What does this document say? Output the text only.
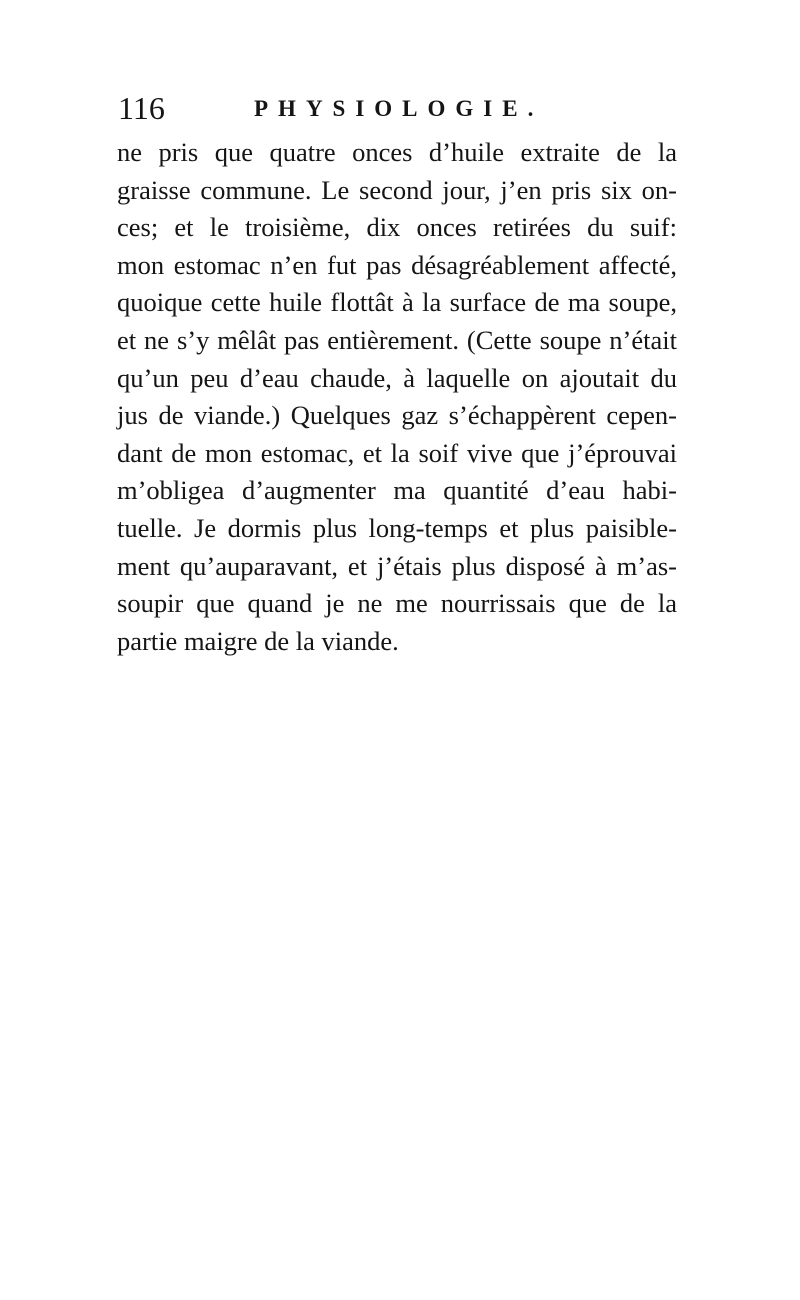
116	PHYSIOLOGIE.
ne pris que quatre onces d’huile extraite de la
graisse commune. Le second jour, j’en pris six on-
ces; et le troisième, dix onces retirées du suif:
mon estomac n’en fut pas désagréablement affecté,
quoique cette huile flottât à la surface de ma soupe,
et ne s’y mêlât pas entièrement. (Cette soupe n’était
qu’un peu d’eau chaude, à laquelle on ajoutait du
jus de viande.) Quelques gaz s’échappèrent cepen-
dant de mon estomac, et la soif vive que j’éprouvai
m’obligea d’augmenter ma quantité d’eau habi-
tuelle. Je dormis plus long-temps et plus paisible-
ment qu’auparavant, et j’étais plus disposé à m’as-
soupir que quand je ne me nourrissais que de la
partie maigre de la viande.
